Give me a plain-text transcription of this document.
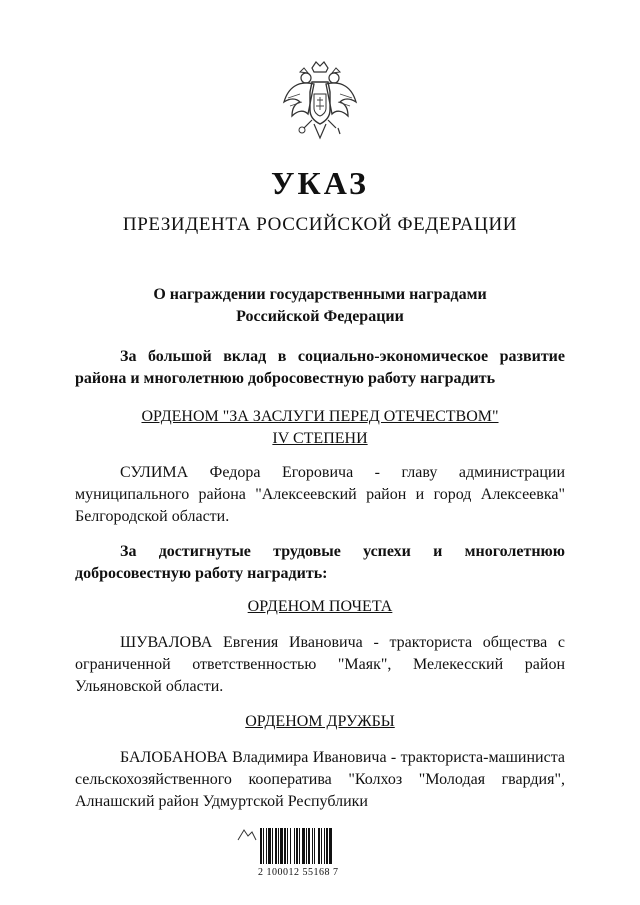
УКАЗ
ПРЕЗИДЕНТА РОССИЙСКОЙ ФЕДЕРАЦИИ
О награждении государственными наградами
Российской Федерации

За большой вклад в социально-экономическое развитие района и многолетнюю добросовестную работу наградить

ОРДЕНОМ "ЗА ЗАСЛУГИ ПЕРЕД ОТЕЧЕСТВОМ"
IV СТЕПЕНИ

СУЛИМА Федора Егоровича - главу администрации муниципального района "Алексеевский район и город Алексеевка" Белгородской области.

За достигнутые трудовые успехи и многолетнюю добросовестную работу наградить:

ОРДЕНОМ ПОЧЕТА

ШУВАЛОВА Евгения Ивановича - тракториста общества с ограниченной ответственностью "Маяк", Мелекесский район Ульяновской области.

ОРДЕНОМ ДРУЖБЫ

БАЛОБАНОВА Владимира Ивановича - тракториста-машиниста сельскохозяйственного кооператива "Колхоз "Молодая гвардия", Алнашский район Удмуртской Республики

2 100012 55168 7
